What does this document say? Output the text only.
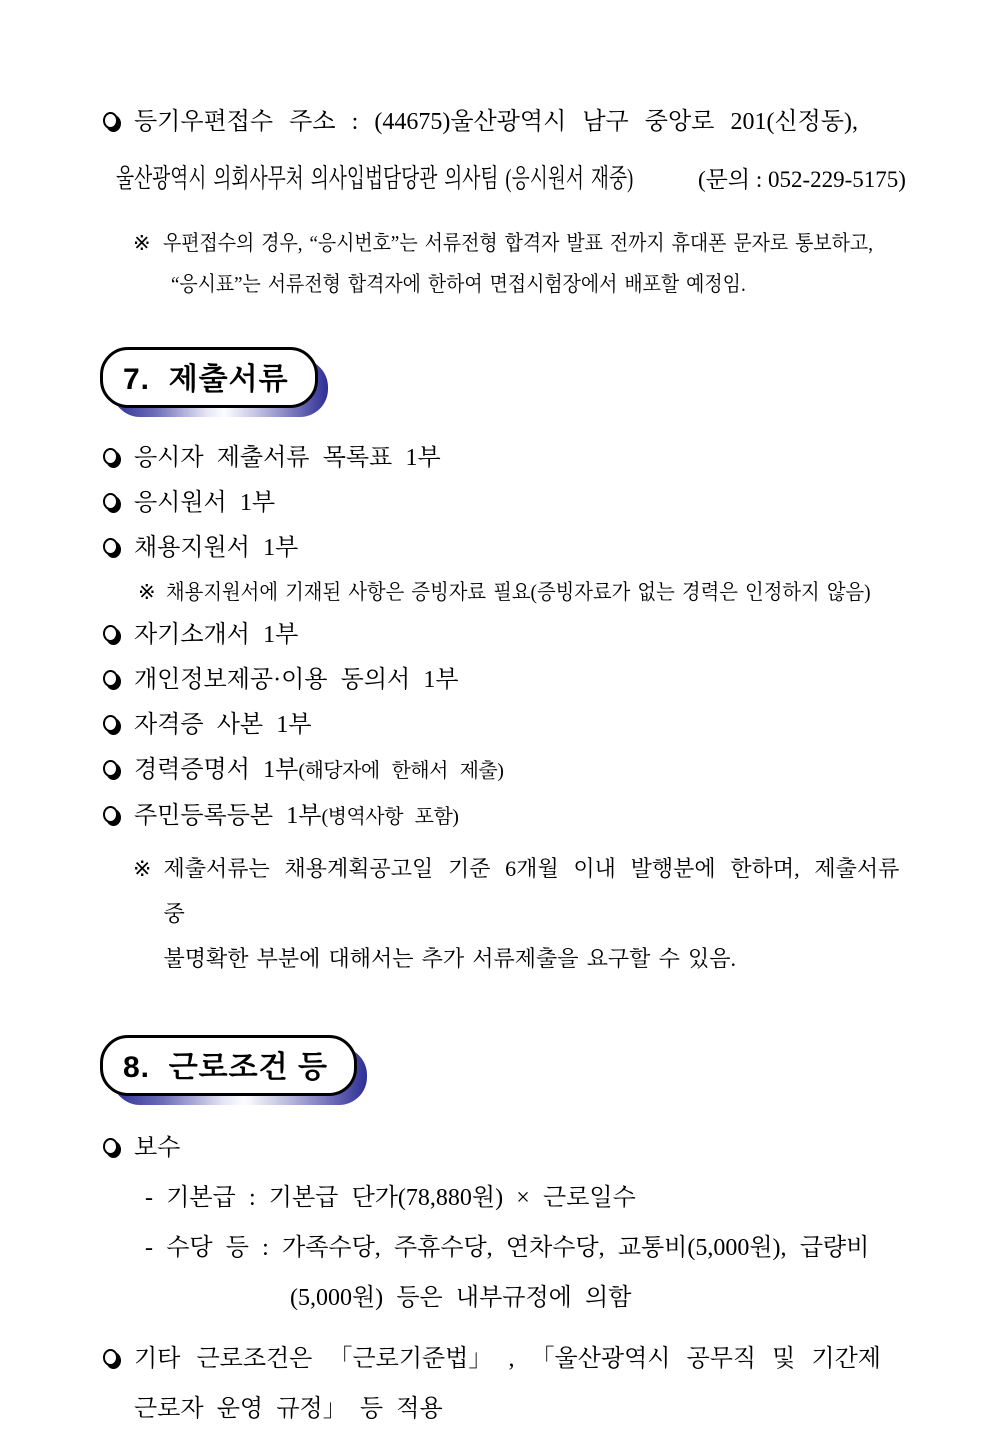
등기우편접수 주소 : (44675)울산광역시 남구 중앙로 201(신정동),
울산광역시 의회사무처 의사입법담당관 의사팀 (응시원서 재중)	(문의 : 052-229-5175)
※ 우편접수의 경우, “응시번호”는 서류전형 합격자 발표 전까지 휴대폰 문자로 통보하고,
“응시표”는 서류전형 합격자에 한하여 면접시험장에서 배포할 예정임.
7.  제출서류
응시자 제출서류 목록표 1부
응시원서 1부
채용지원서 1부
※ 채용지원서에 기재된 사항은 증빙자료 필요(증빙자료가 없는 경력은 인정하지 않음)
자기소개서 1부
개인정보제공·이용 동의서 1부
자격증 사본 1부
경력증명서 1부(해당자에 한해서 제출)
주민등록등본 1부(병역사항 포함)
※ 제출서류는 채용계획공고일 기준 6개월 이내 발행분에 한하며, 제출서류 중
불명확한 부분에 대해서는 추가 서류제출을 요구할 수 있음.
8.  근로조건 등
보수
- 기본급 : 기본급 단가(78,880원) × 근로일수
- 수당 등 : 가족수당, 주휴수당, 연차수당, 교통비(5,000원), 급량비
(5,000원) 등은 내부규정에 의함
기타 근로조건은 「근로기준법」 , 「울산광역시 공무직 및 기간제
근로자 운영 규정」 등 적용
